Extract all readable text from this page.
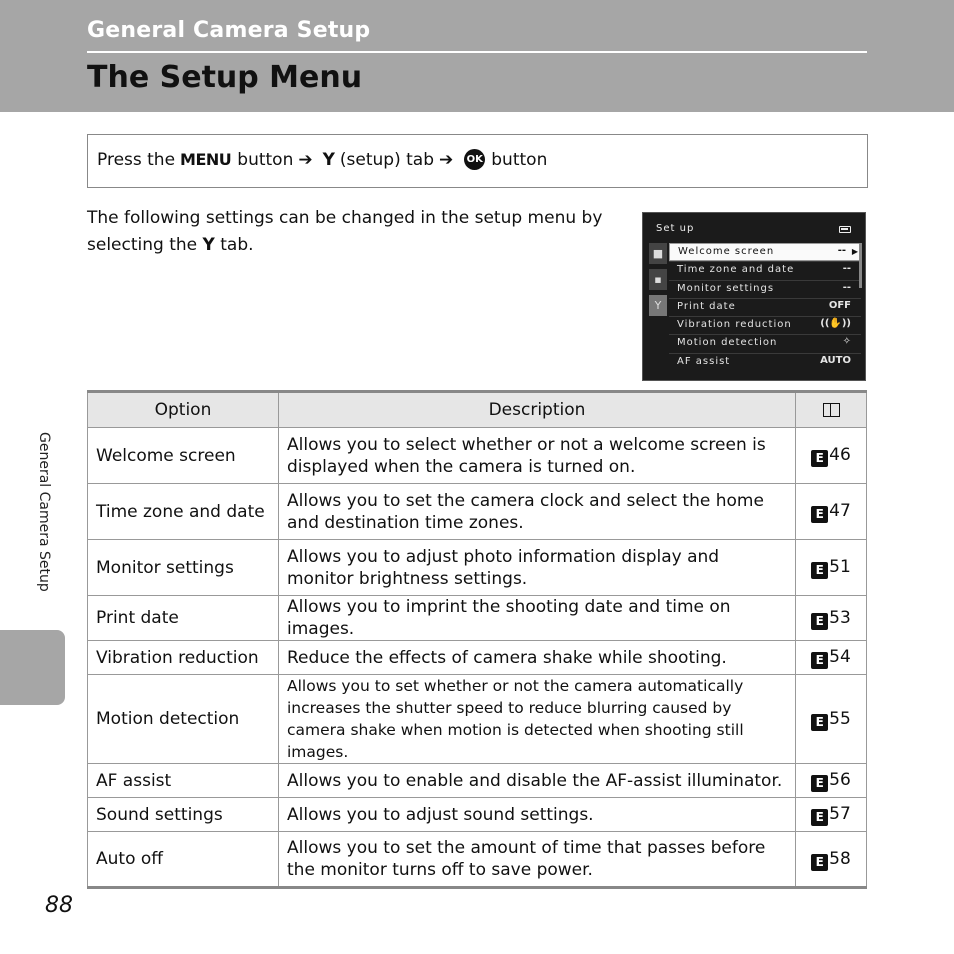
General Camera Setup
The Setup Menu
Press the MENU button ➔ Y (setup) tab ➔ OK button

The following settings can be changed in the setup menu by selecting the Y tab.

Set up
■
▪
Y
Welcome screen	-- ▶
Time zone and date	--
Monitor settings	--
Print date	OFF
Vibration reduction	((✋))
Motion detection	✧
AF assist	AUTO
Option	Description	
Welcome screen	Allows you to select whether or not a welcome screen is displayed when the camera is turned on.	E 46
Time zone and date	Allows you to set the camera clock and select the home and destination time zones.	E 47
Monitor settings	Allows you to adjust photo information display and monitor brightness settings.	E 51
Print date	Allows you to imprint the shooting date and time on images.	E 53
Vibration reduction	Reduce the effects of camera shake while shooting.	E 54
Motion detection	Allows you to set whether or not the camera automatically increases the shutter speed to reduce blurring caused by camera shake when motion is detected when shooting still images.	E 55
AF assist	Allows you to enable and disable the AF-assist illuminator.	E 56
Sound settings	Allows you to adjust sound settings.	E 57
Auto off	Allows you to set the amount of time that passes before the monitor turns off to save power.	E 58
General Camera Setup
88
